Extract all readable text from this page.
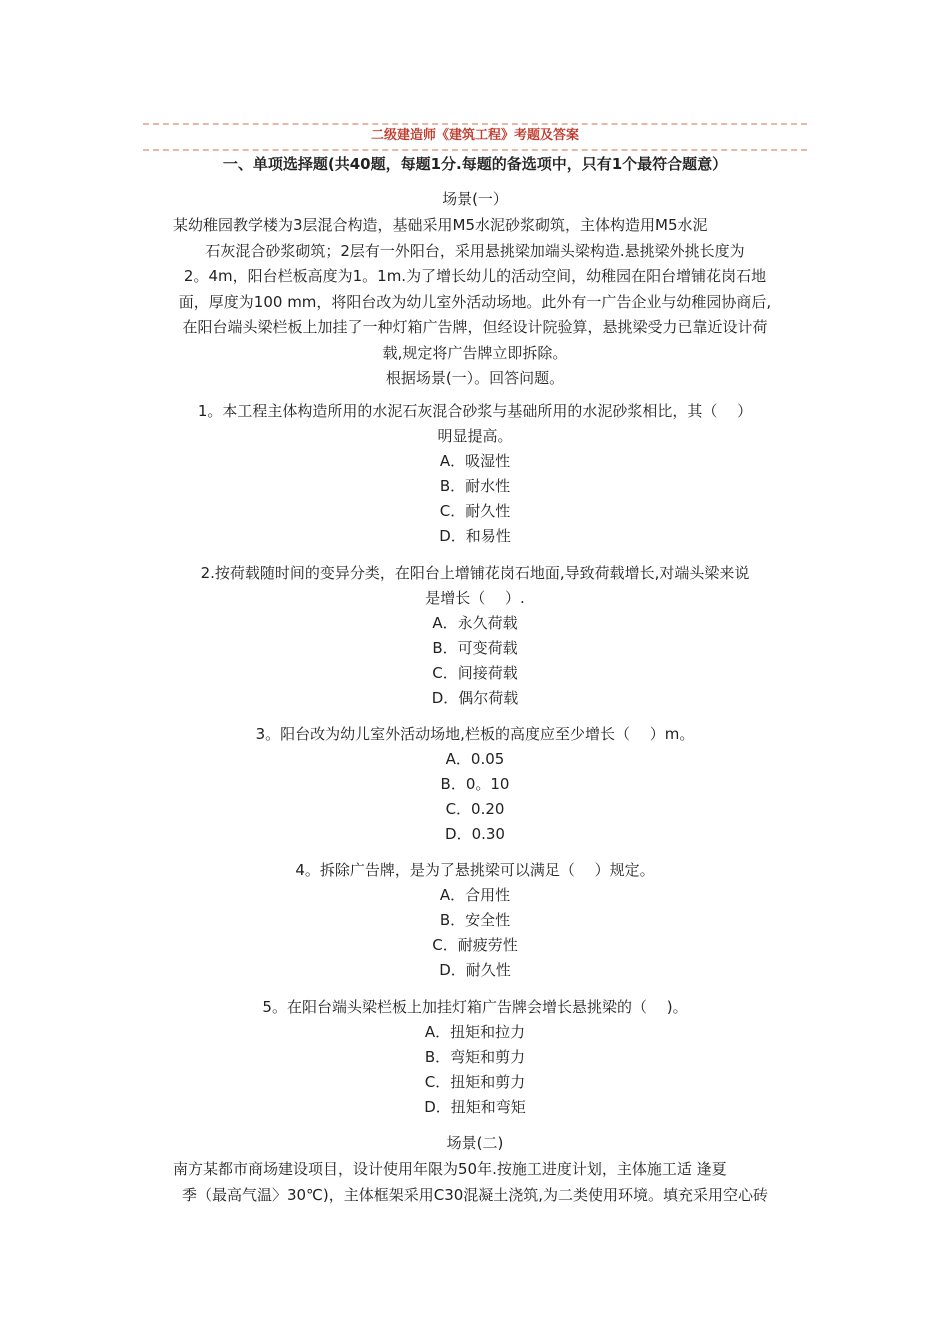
二级建造师《建筑工程》考题及答案
一、单项选择题(共40题，每题1分.每题的备选项中，只有1个最符合题意）
场景(一）
某幼稚园教学楼为3层混合构造，基础采用M5水泥砂浆砌筑，主体构造用M5水泥
石灰混合砂浆砌筑；2层有一外阳台，采用悬挑梁加端头梁构造.悬挑梁外挑长度为
2。4m，阳台栏板高度为1。1m.为了增长幼儿的活动空间，幼稚园在阳台增铺花岗石地
面，厚度为100 mm，将阳台改为幼儿室外活动场地。此外有一广告企业与幼稚园协商后,
在阳台端头梁栏板上加挂了一种灯箱广告牌，但经设计院验算，悬挑梁受力已靠近设计荷
载,规定将广告牌立即拆除。
根据场景(一）。回答问题。
1。本工程主体构造所用的水泥石灰混合砂浆与基础所用的水泥砂浆相比，其（　 ）
明显提高。
A．吸湿性
B．耐水性
C．耐久性
D．和易性
2.按荷载随时间的变异分类，在阳台上增铺花岗石地面,导致荷载增长,对端头梁来说
是增长（　 ）.
A．永久荷载
B．可变荷载
C．间接荷载
D．偶尔荷载
3。阳台改为幼儿室外活动场地,栏板的高度应至少增长（　 ）m。
A．0.05
B．0。10
C．0.20
D．0.30
4。拆除广告牌，是为了悬挑梁可以满足（　 ）规定。
A．合用性
B．安全性
C．耐疲劳性
D．耐久性
5。在阳台端头梁栏板上加挂灯箱广告牌会增长悬挑梁的（　 )。
A．扭矩和拉力
B．弯矩和剪力
C．扭矩和剪力
D．扭矩和弯矩
场景(二)
南方某都市商场建设项目，设计使用年限为50年.按施工进度计划，主体施工适 逢夏
季（最高气温〉30℃)，主体框架采用C30混凝土浇筑,为二类使用环境。填充采用空心砖
